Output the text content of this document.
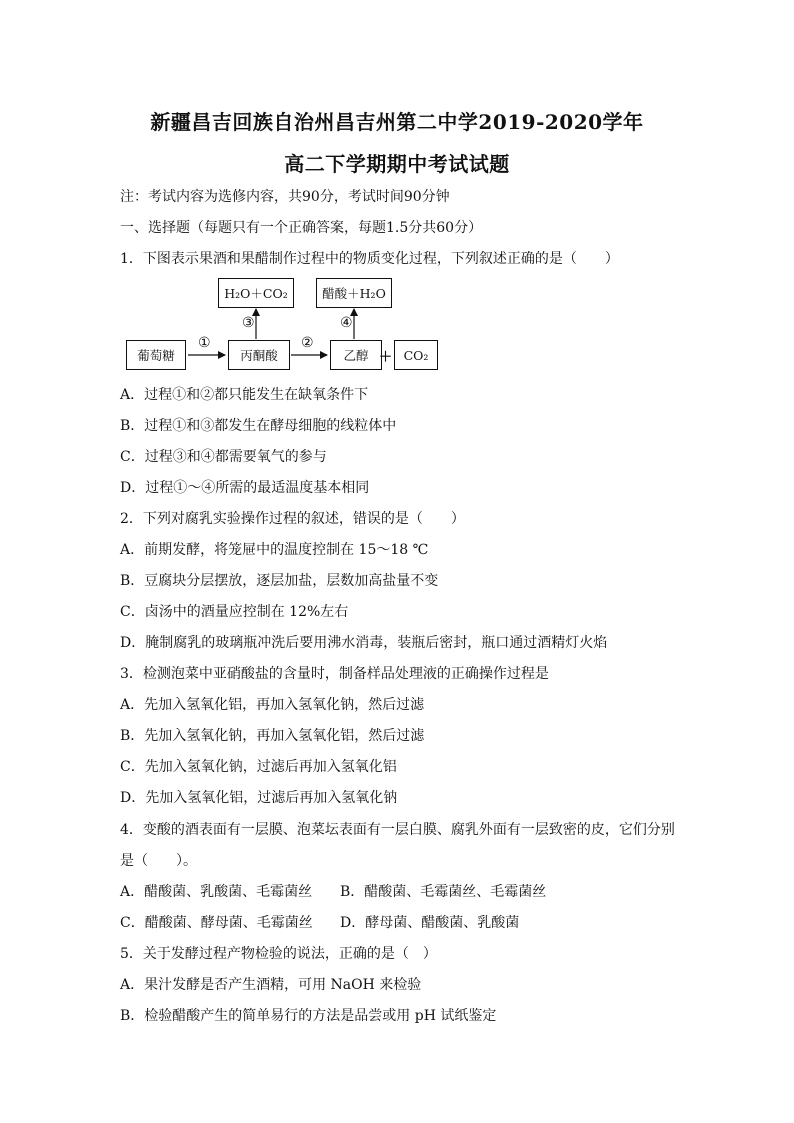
新疆昌吉回族自治州昌吉州第二中学2019-2020学年
高二下学期期中考试试题
注：考试内容为选修内容，共90分，考试时间90分钟
一、选择题（每题只有一个正确答案，每题1.5分共60分）
1．下图表示果酒和果醋制作过程中的物质变化过程，下列叙述正确的是（　　）
H₂O＋CO₂	醋酸＋H₂O
葡萄糖	丙酮酸	乙醇 ＋ CO₂
①	②
③	④
A．过程①和②都只能发生在缺氧条件下
B．过程①和③都发生在酵母细胞的线粒体中
C．过程③和④都需要氧气的参与
D．过程①～④所需的最适温度基本相同
2．下列对腐乳实验操作过程的叙述，错误的是（　　）
A．前期发酵，将笼屉中的温度控制在 15～18 ℃
B．豆腐块分层摆放，逐层加盐，层数加高盐量不变
C．卤汤中的酒量应控制在 12%左右
D．腌制腐乳的玻璃瓶冲洗后要用沸水消毒，装瓶后密封，瓶口通过酒精灯火焰
3．检测泡菜中亚硝酸盐的含量时，制备样品处理液的正确操作过程是
A．先加入氢氧化铝，再加入氢氧化钠，然后过滤
B．先加入氢氧化钠，再加入氢氧化铝，然后过滤
C．先加入氢氧化钠，过滤后再加入氢氧化铝
D．先加入氢氧化铝，过滤后再加入氢氧化钠
4．变酸的酒表面有一层膜、泡菜坛表面有一层白膜、腐乳外面有一层致密的皮，它们分别
是（　　）。
A．醋酸菌、乳酸菌、毛霉菌丝 B．醋酸菌、毛霉菌丝、毛霉菌丝
C．醋酸菌、酵母菌、毛霉菌丝 D．酵母菌、醋酸菌、乳酸菌
5．关于发酵过程产物检验的说法，正确的是（　）
A．果汁发酵是否产生酒精，可用 NaOH 来检验
B．检验醋酸产生的简单易行的方法是品尝或用 pH 试纸鉴定
